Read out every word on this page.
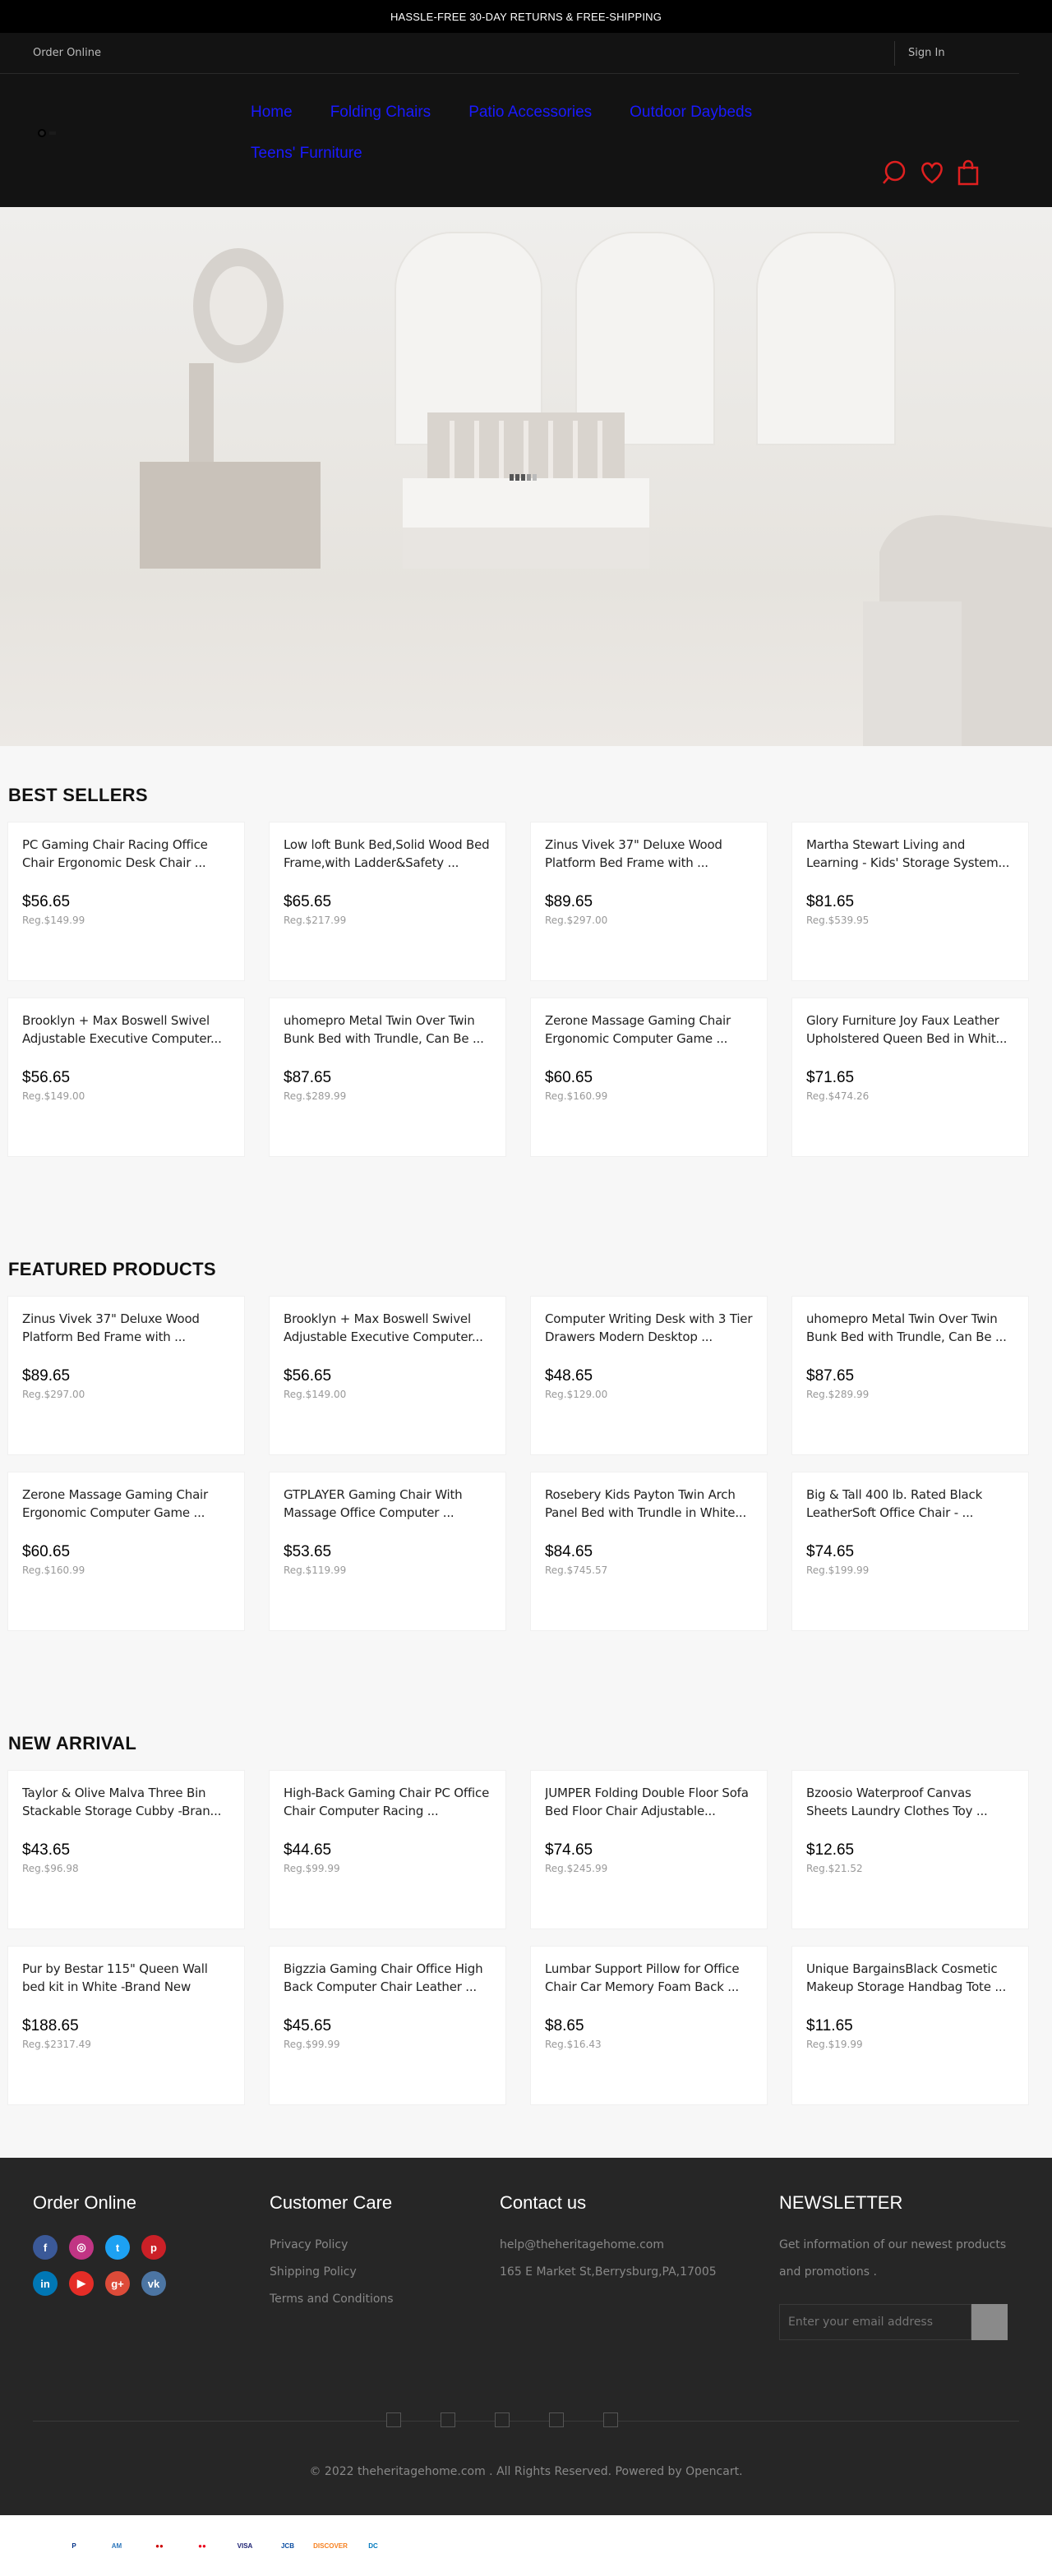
HASSLE-FREE 30-DAY RETURNS & FREE-SHIPPING
Order Online	Sign In
Home Folding Chairs Patio Accessories Outdoor Daybeds
Teens' Furniture
BEST SELLERS
PC Gaming Chair Racing Office Chair Ergonomic Desk Chair ...
$56.65
Reg.$149.99
Low loft Bunk Bed,Solid Wood Bed Frame,with Ladder&Safety ...
$65.65
Reg.$217.99
Zinus Vivek 37" Deluxe Wood Platform Bed Frame with ...
$89.65
Reg.$297.00
Martha Stewart Living and Learning - Kids' Storage System...
$81.65
Reg.$539.95
Brooklyn + Max Boswell Swivel Adjustable Executive Computer...
$56.65
Reg.$149.00
uhomepro Metal Twin Over Twin Bunk Bed with Trundle, Can Be ...
$87.65
Reg.$289.99
Zerone Massage Gaming Chair Ergonomic Computer Game ...
$60.65
Reg.$160.99
Glory Furniture Joy Faux Leather Upholstered Queen Bed in Whit...
$71.65
Reg.$474.26
FEATURED PRODUCTS
Zinus Vivek 37" Deluxe Wood Platform Bed Frame with ...
$89.65
Reg.$297.00
Brooklyn + Max Boswell Swivel Adjustable Executive Computer...
$56.65
Reg.$149.00
Computer Writing Desk with 3 Tier Drawers Modern Desktop ...
$48.65
Reg.$129.00
uhomepro Metal Twin Over Twin Bunk Bed with Trundle, Can Be ...
$87.65
Reg.$289.99
Zerone Massage Gaming Chair Ergonomic Computer Game ...
$60.65
Reg.$160.99
GTPLAYER Gaming Chair With Massage Office Computer ...
$53.65
Reg.$119.99
Rosebery Kids Payton Twin Arch Panel Bed with Trundle in White...
$84.65
Reg.$745.57
Big & Tall 400 lb. Rated Black LeatherSoft Office Chair - ...
$74.65
Reg.$199.99
NEW ARRIVAL
Taylor & Olive Malva Three Bin Stackable Storage Cubby -Bran...
$43.65
Reg.$96.98
High-Back Gaming Chair PC Office Chair Computer Racing ...
$44.65
Reg.$99.99
JUMPER Folding Double Floor Sofa Bed Floor Chair Adjustable...
$74.65
Reg.$245.99
Bzoosio Waterproof Canvas Sheets Laundry Clothes Toy ...
$12.65
Reg.$21.52
Pur by Bestar 115" Queen Wall bed kit in White -Brand New
$188.65
Reg.$2317.49
Bigzzia Gaming Chair Office High Back Computer Chair Leather ...
$45.65
Reg.$99.99
Lumbar Support Pillow for Office Chair Car Memory Foam Back ...
$8.65
Reg.$16.43
Unique BargainsBlack Cosmetic Makeup Storage Handbag Tote ...
$11.65
Reg.$19.99
Order Online
f	◎	t	p
in	▶	g+	vk
Customer Care
Privacy Policy
Shipping Policy
Terms and Conditions
Contact us
help@theheritagehome.com
165 E Market St,Berrysburg,PA,17005
NEWSLETTER
Get information of our newest products and promotions .
Enter your email address
© 2022 theheritagehome.com . All Rights Reserved. Powered by Opencart.
P	AM	●●	●●	VISA	JCB	DISCOVER	DC
